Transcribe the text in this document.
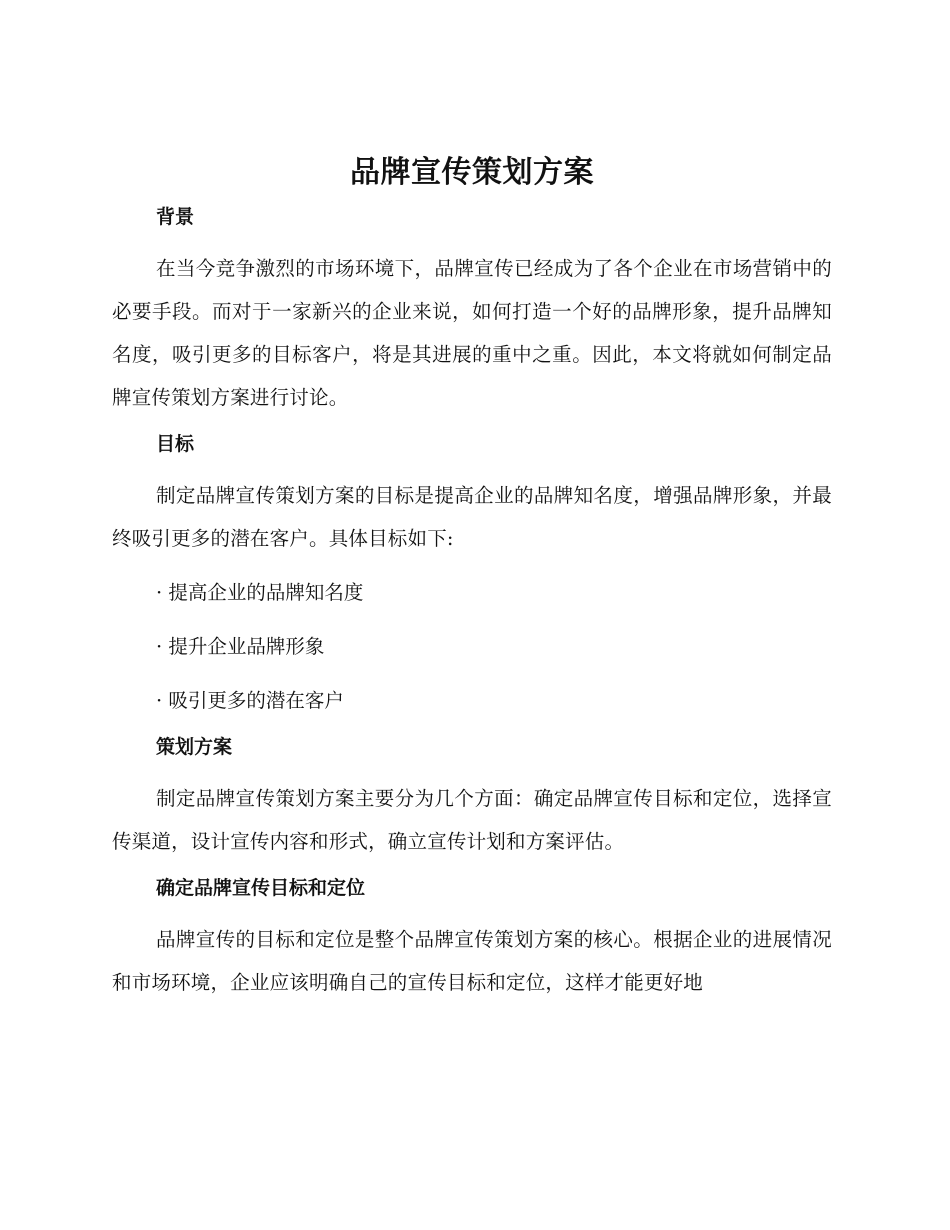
品牌宣传策划方案
背景

在当今竞争激烈的市场环境下，品牌宣传已经成为了各个企业在市场营销中的必要手段。而对于一家新兴的企业来说，如何打造一个好的品牌形象，提升品牌知名度，吸引更多的目标客户，将是其进展的重中之重。因此，本文将就如何制定品牌宣传策划方案进行讨论。

目标

制定品牌宣传策划方案的目标是提高企业的品牌知名度，增强品牌形象，并最终吸引更多的潜在客户。具体目标如下:

· 提高企业的品牌知名度

· 提升企业品牌形象

· 吸引更多的潜在客户

策划方案

制定品牌宣传策划方案主要分为几个方面：确定品牌宣传目标和定位，选择宣传渠道，设计宣传内容和形式，确立宣传计划和方案评估。

确定品牌宣传目标和定位

品牌宣传的目标和定位是整个品牌宣传策划方案的核心。根据企业的进展情况和市场环境，企业应该明确自己的宣传目标和定位，这样才能更好地
